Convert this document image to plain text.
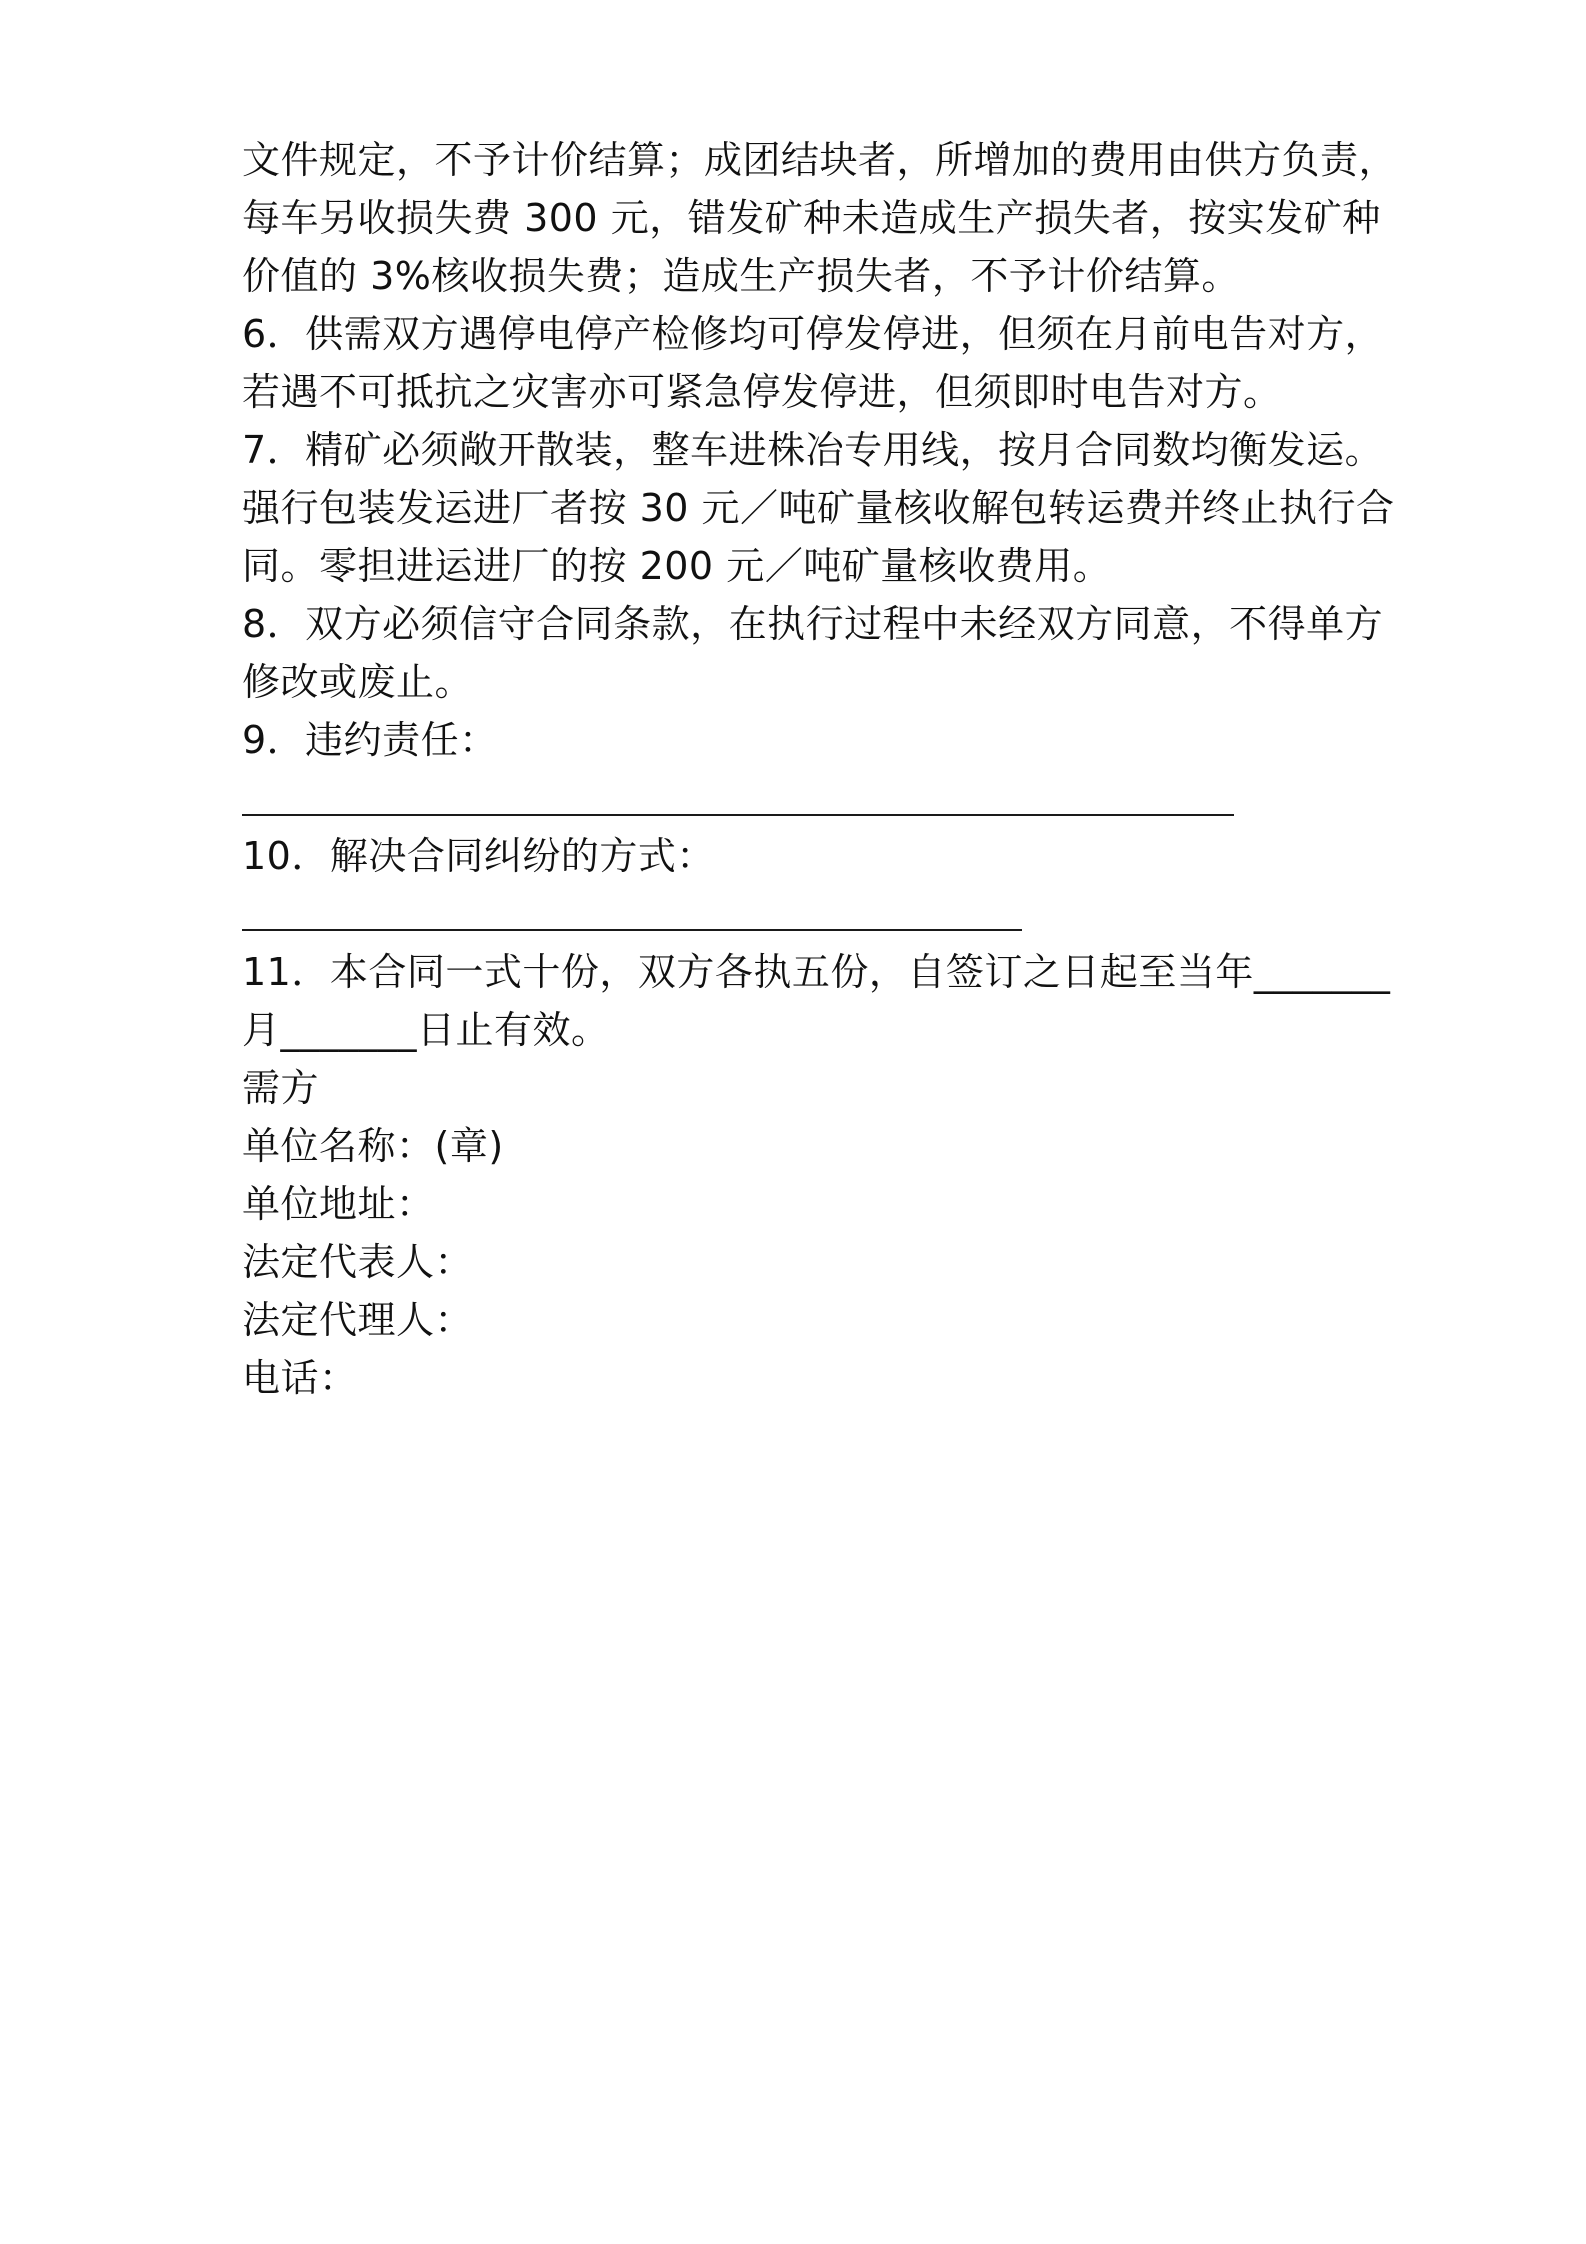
文件规定，不予计价结算；成团结块者，所增加的费用由供方负责，

每车另收损失费 300 元，错发矿种未造成生产损失者，按实发矿种

价值的 3%核收损失费；造成生产损失者，不予计价结算。

6．供需双方遇停电停产检修均可停发停进，但须在月前电告对方，

若遇不可抵抗之灾害亦可紧急停发停进，但须即时电告对方。

7．精矿必须敞开散装，整车进株冶专用线，按月合同数均衡发运。

强行包装发运进厂者按 30 元／吨矿量核收解包转运费并终止执行合

同。零担进运进厂的按 200 元／吨矿量核收费用。

8．双方必须信守合同条款，在执行过程中未经双方同意，不得单方

修改或废止。

9．违约责任：

10．解决合同纠纷的方式：

11．本合同一式十份，双方各执五份，自签订之日起至当年_______

月_______日止有效。

需方

单位名称：(章)

单位地址：

法定代表人：

法定代理人：

电话：
